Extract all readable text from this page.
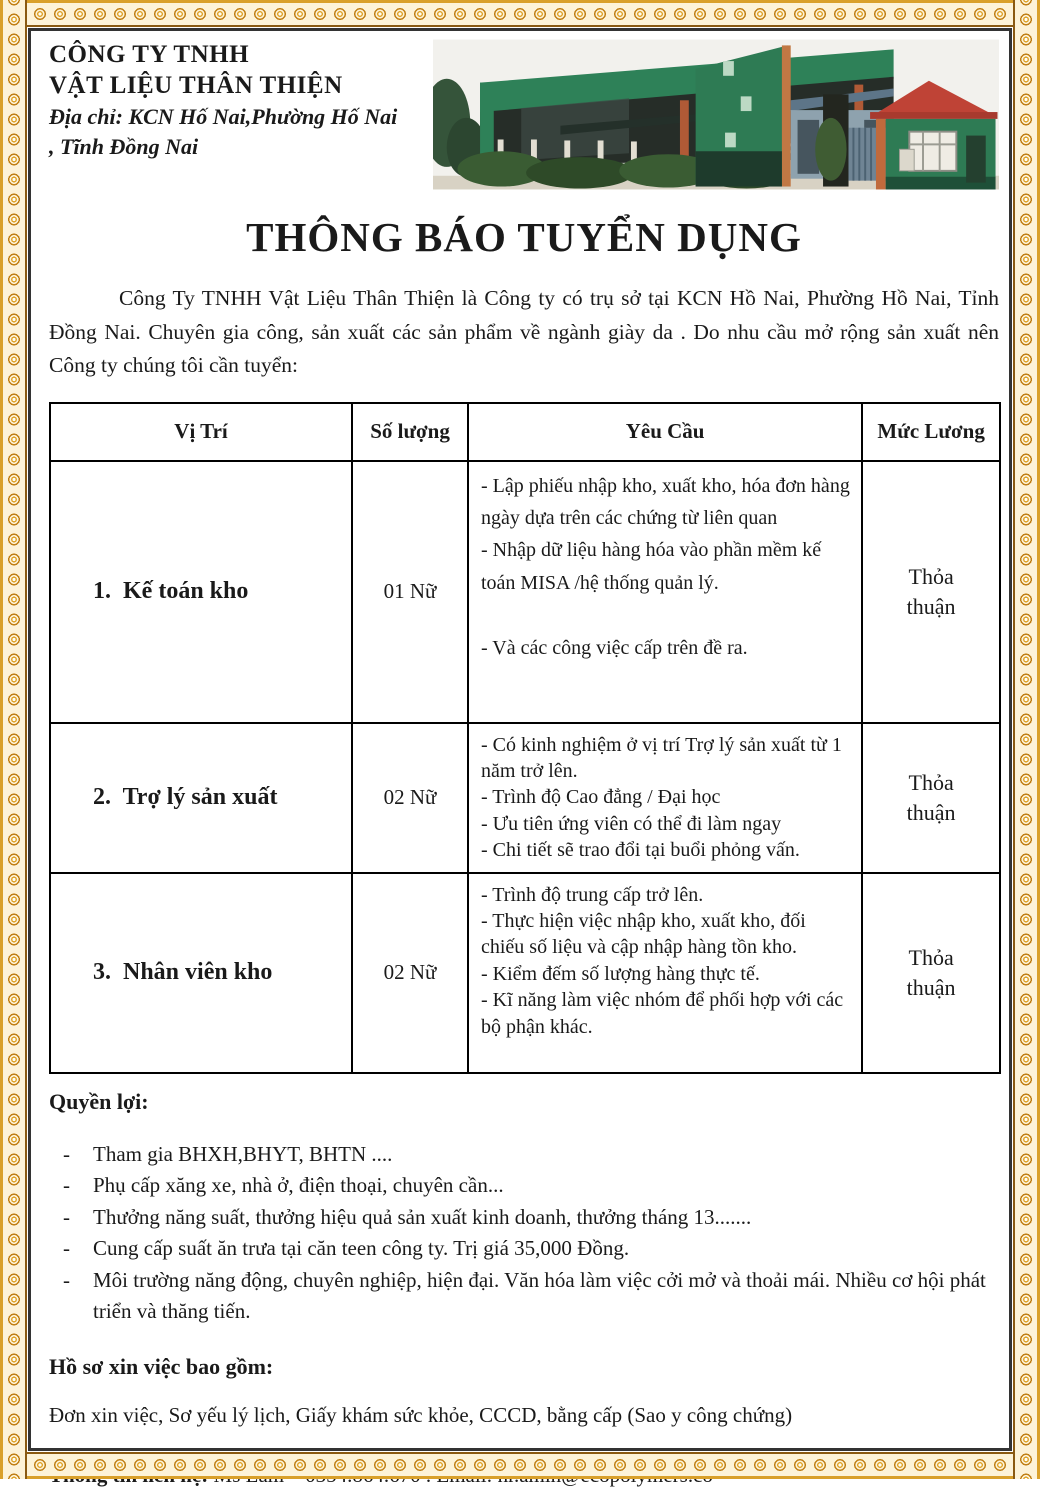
CÔNG TY TNHH
VẬT LIỆU THÂN THIỆN
Địa chỉ: KCN Hố Nai,Phường Hố Nai
, Tĩnh Đồng Nai
THÔNG BÁO TUYỂN DỤNG
Công Ty TNHH Vật Liệu Thân Thiện là Công ty có trụ sở tại KCN Hồ Nai, Phường Hồ Nai, Tỉnh Đồng Nai. Chuyên gia công, sản xuất các sản phẩm về ngành giày da . Do nhu cầu mở rộng sản xuất nên Công ty chúng tôi cần tuyển:
Vị Trí	Số lượng	Yêu Cầu	Mức Lương
1.  Kế toán kho	01 Nữ	- Lập phiếu nhập kho, xuất kho, hóa đơn hàng ngày dựa trên các chứng từ liên quan
- Nhập dữ liệu hàng hóa vào phần mềm kế toán MISA /hệ thống quản lý.

- Và các công việc cấp trên đề ra.	Thỏa thuận
2.  Trợ lý sản xuất	02 Nữ	- Có kinh nghiệm ở vị trí Trợ lý sản xuất từ 1 năm trở lên.
- Trình độ Cao đẳng / Đại học
- Ưu tiên ứng viên có thể đi làm ngay
- Chi tiết sẽ trao đổi tại buổi phỏng vấn.	Thỏa thuận
3.  Nhân viên kho	02 Nữ	- Trình độ trung cấp trở lên.
- Thực hiện việc nhập kho, xuất kho, đối chiếu số liệu và cập nhập hàng tồn kho.
- Kiểm đếm số lượng hàng thực tế.
- Kĩ năng làm việc nhóm để phối hợp với các bộ phận khác.	Thỏa thuận
Quyền lợi:
-	Tham gia BHXH,BHYT, BHTN ....
-	Phụ cấp xăng xe, nhà ở, điện thoại, chuyên cần...
-	Thưởng năng suất, thưởng hiệu quả sản xuất kinh doanh, thưởng tháng 13.......
-	Cung cấp suất ăn trưa tại căn teen công ty. Trị giá 35,000 Đồng.
-	Môi trường năng động, chuyên nghiệp, hiện đại. Văn hóa làm việc cởi mở và thoải mái. Nhiều cơ hội phát triển và thăng tiến.
Hồ sơ xin việc bao gồm:
Đơn xin việc, Sơ yếu lý lịch, Giấy khám sức khỏe, CCCD, bằng cấp (Sao y công chứng)
